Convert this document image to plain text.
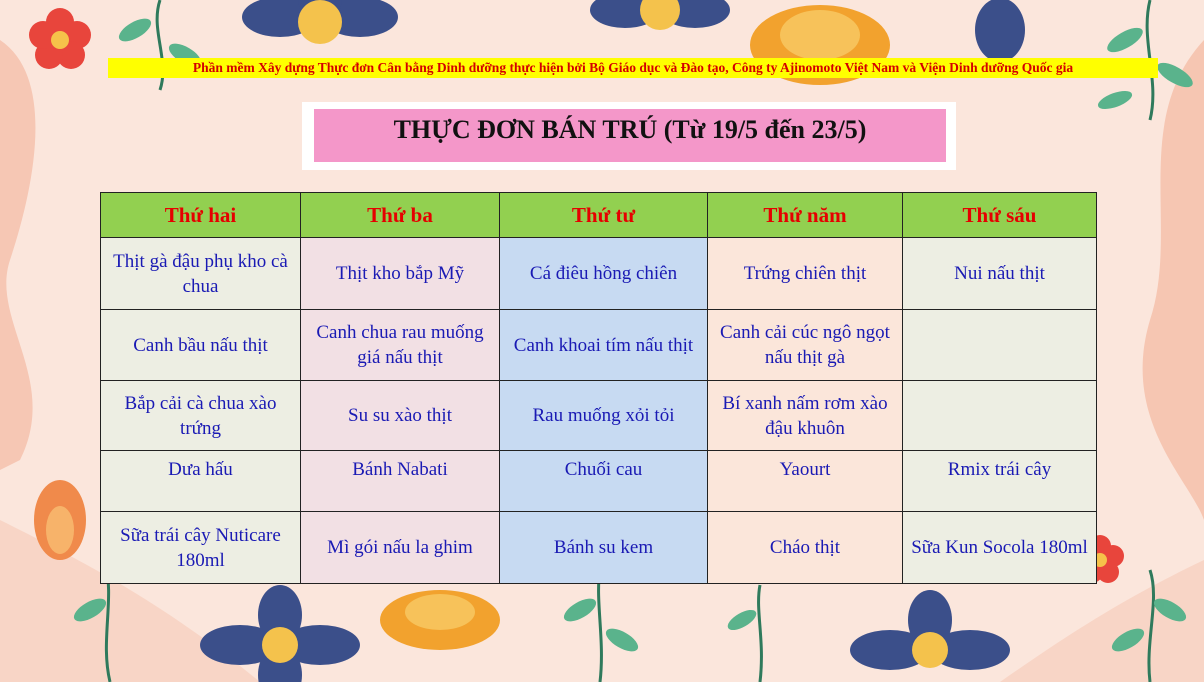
Phần mềm Xây dựng Thực đơn Cân bằng Dinh dưỡng thực hiện bởi Bộ Giáo dục và Đào tạo, Công ty Ajinomoto Việt Nam và Viện Dinh dưỡng Quốc gia
THỰC ĐƠN BÁN TRÚ (Từ 19/5 đến 23/5)
Thứ hai	Thứ ba	Thứ tư	Thứ năm	Thứ sáu
Thịt gà đậu phụ kho cà chua	Thịt kho bắp Mỹ	Cá điêu hồng chiên	Trứng chiên thịt	Nui nấu thịt
Canh bầu nấu thịt	Canh chua rau muống giá nấu thịt	Canh khoai tím nấu thịt	Canh cải cúc ngô ngọt nấu thịt gà	
Bắp cải cà chua xào trứng	Su su xào thịt	Rau muống xỏi tỏi	Bí xanh nấm rơm xào đậu khuôn	
Dưa hấu	Bánh Nabati	Chuối cau	Yaourt	Rmix trái cây
Sữa trái cây Nuticare 180ml	Mì gói nấu la ghim	Bánh su kem	Cháo thịt	Sữa Kun Socola 180ml
